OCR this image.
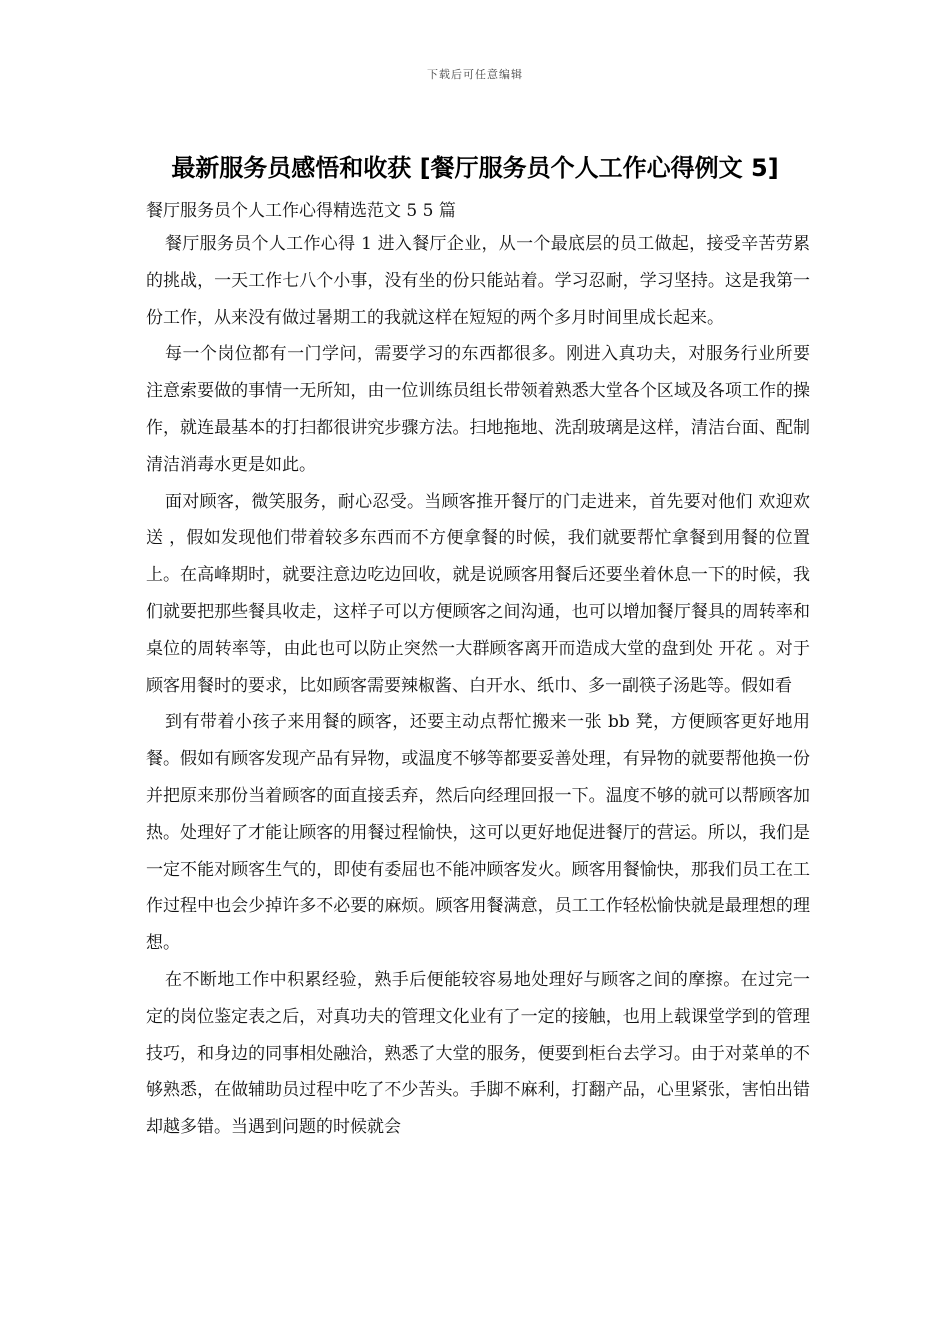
下载后可任意编辑
最新服务员感悟和收获 [餐厅服务员个人工作心得例文 5]
餐厅服务员个人工作心得精选范文 5 5 篇

餐厅服务员个人工作心得 1 进入餐厅企业，从一个最底层的员工做起，接受辛苦劳累的挑战，一天工作七八个小事，没有坐的份只能站着。学习忍耐，学习坚持。这是我第一份工作，从来没有做过暑期工的我就这样在短短的两个多月时间里成长起来。

每一个岗位都有一门学问，需要学习的东西都很多。刚进入真功夫，对服务行业所要注意索要做的事情一无所知，由一位训练员组长带领着熟悉大堂各个区域及各项工作的操作，就连最基本的打扫都很讲究步骤方法。扫地拖地、洗刮玻璃是这样，清洁台面、配制清洁消毒水更是如此。

面对顾客，微笑服务，耐心忍受。当顾客推开餐厅的门走进来，首先要对他们 欢迎欢送 ，假如发现他们带着较多东西而不方便拿餐的时候，我们就要帮忙拿餐到用餐的位置上。在高峰期时，就要注意边吃边回收，就是说顾客用餐后还要坐着休息一下的时候，我们就要把那些餐具收走，这样子可以方便顾客之间沟通，也可以增加餐厅餐具的周转率和桌位的周转率等，由此也可以防止突然一大群顾客离开而造成大堂的盘到处 开花 。对于顾客用餐时的要求，比如顾客需要辣椒酱、白开水、纸巾、多一副筷子汤匙等。假如看

到有带着小孩子来用餐的顾客，还要主动点帮忙搬来一张 bb 凳，方便顾客更好地用餐。假如有顾客发现产品有异物，或温度不够等都要妥善处理，有异物的就要帮他换一份并把原来那份当着顾客的面直接丢弃，然后向经理回报一下。温度不够的就可以帮顾客加热。处理好了才能让顾客的用餐过程愉快，这可以更好地促进餐厅的营运。所以，我们是一定不能对顾客生气的，即使有委屈也不能冲顾客发火。顾客用餐愉快，那我们员工在工作过程中也会少掉许多不必要的麻烦。顾客用餐满意，员工工作轻松愉快就是最理想的理想。

在不断地工作中积累经验，熟手后便能较容易地处理好与顾客之间的摩擦。在过完一定的岗位鉴定表之后，对真功夫的管理文化业有了一定的接触，也用上载课堂学到的管理技巧，和身边的同事相处融洽，熟悉了大堂的服务，便要到柜台去学习。由于对菜单的不够熟悉，在做辅助员过程中吃了不少苦头。手脚不麻利，打翻产品，心里紧张，害怕出错却越多错。当遇到问题的时候就会
